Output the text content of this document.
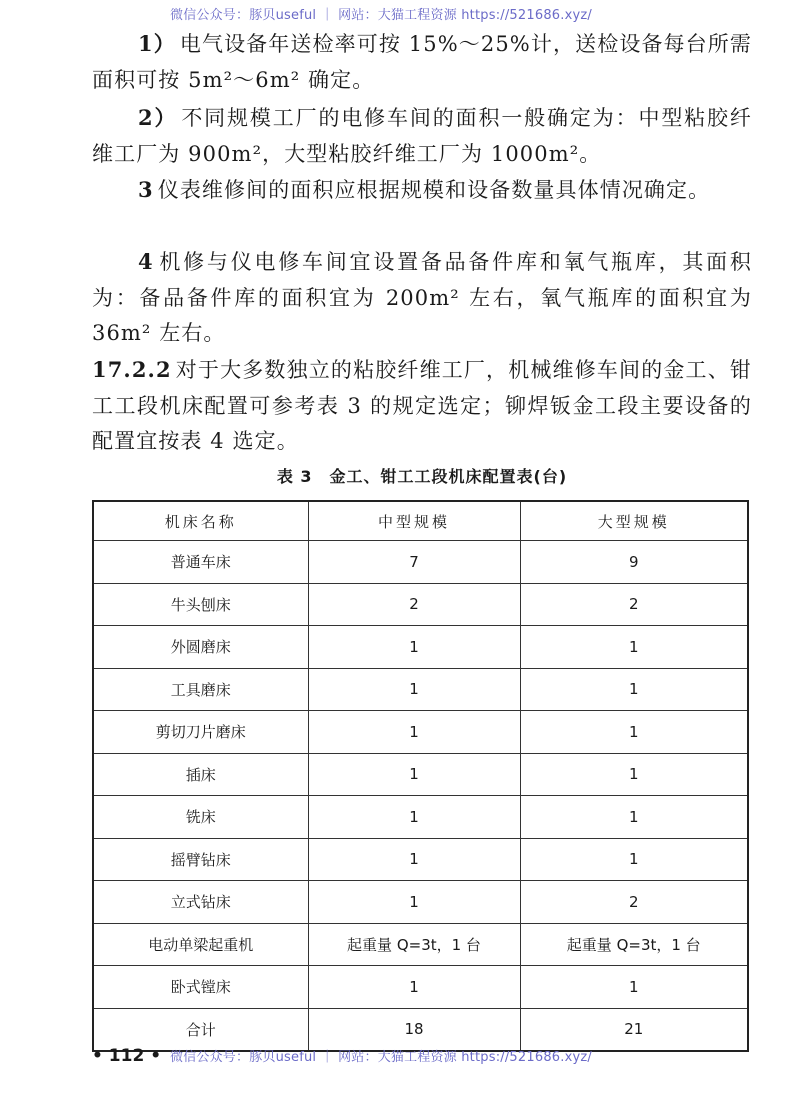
微信公众号：豚贝useful ｜ 网站：大猫工程资源 https://521686.xyz/
1） 电气设备年送检率可按 15%～25%计，送检设备每台所需面积可按 5m²～6m² 确定。
2） 不同规模工厂的电修车间的面积一般确定为：中型粘胶纤维工厂为 900m²，大型粘胶纤维工厂为 1000m²。
3 仪表维修间的面积应根据规模和设备数量具体情况确定。
4 机修与仪电修车间宜设置备品备件库和氧气瓶库，其面积为：备品备件库的面积宜为 200m² 左右，氧气瓶库的面积宜为 36m² 左右。
17.2.2 对于大多数独立的粘胶纤维工厂，机械维修车间的金工、钳工工段机床配置可参考表 3 的规定选定；铆焊钣金工段主要设备的配置宜按表 4 选定。
表 3　金工、钳工工段机床配置表(台)
机床名称	中型规模	大型规模
普通车床	7	9
牛头刨床	2	2
外圆磨床	1	1
工具磨床	1	1
剪切刀片磨床	1	1
插床	1	1
铣床	1	1
摇臂钻床	1	1
立式钻床	1	2
电动单梁起重机	起重量 Q=3t，1 台	起重量 Q=3t，1 台
卧式镗床	1	1
合计	18	21
• 112 • 微信公众号：豚贝useful ｜ 网站：大猫工程资源 https://521686.xyz/
